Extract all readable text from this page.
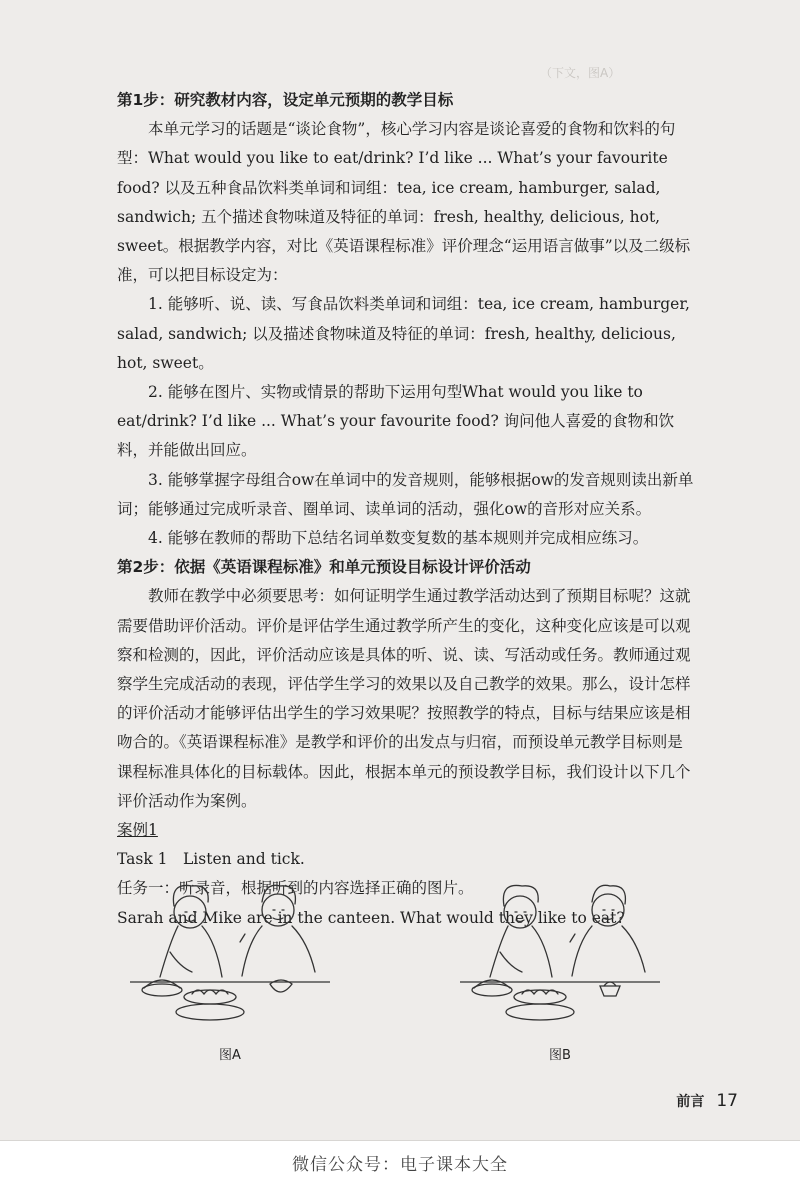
（下文，图A）

第1步：研究教材内容，设定单元预期的教学目标

本单元学习的话题是“谈论食物”，核心学习内容是谈论喜爱的食物和饮料的句型：What would you like to eat/drink? I’d like ... What’s your favourite food? 以及五种食品饮料类单词和词组：tea, ice cream, hamburger, salad, sandwich; 五个描述食物味道及特征的单词：fresh, healthy, delicious, hot, sweet。根据教学内容，对比《英语课程标准》评价理念“运用语言做事”以及二级标准，可以把目标设定为：

1. 能够听、说、读、写食品饮料类单词和词组：tea, ice cream, hamburger, salad, sandwich; 以及描述食物味道及特征的单词：fresh, healthy, delicious, hot, sweet。

2. 能够在图片、实物或情景的帮助下运用句型What would you like to eat/drink? I’d like ... What’s your favourite food? 询问他人喜爱的食物和饮料，并能做出回应。

3. 能够掌握字母组合ow在单词中的发音规则，能够根据ow的发音规则读出新单词；能够通过完成听录音、圈单词、读单词的活动，强化ow的音形对应关系。

4. 能够在教师的帮助下总结名词单数变复数的基本规则并完成相应练习。

第2步：依据《英语课程标准》和单元预设目标设计评价活动

教师在教学中必须要思考：如何证明学生通过教学活动达到了预期目标呢？这就需要借助评价活动。评价是评估学生通过教学所产生的变化，这种变化应该是可以观察和检测的，因此，评价活动应该是具体的听、说、读、写活动或任务。教师通过观察学生完成活动的表现，评估学生学习的效果以及自己教学的效果。那么，设计怎样的评价活动才能够评估出学生的学习效果呢？按照教学的特点，目标与结果应该是相吻合的。《英语课程标准》是教学和评价的出发点与归宿，而预设单元教学目标则是课程标准具体化的目标载体。因此，根据本单元的预设教学目标，我们设计以下几个评价活动作为案例。

案例1

Task 1　Listen and tick.

任务一：听录音，根据听到的内容选择正确的图片。

Sarah and Mike are in the canteen. What would they like to eat?

图A	图B
前言 17
微信公众号：电子课本大全
